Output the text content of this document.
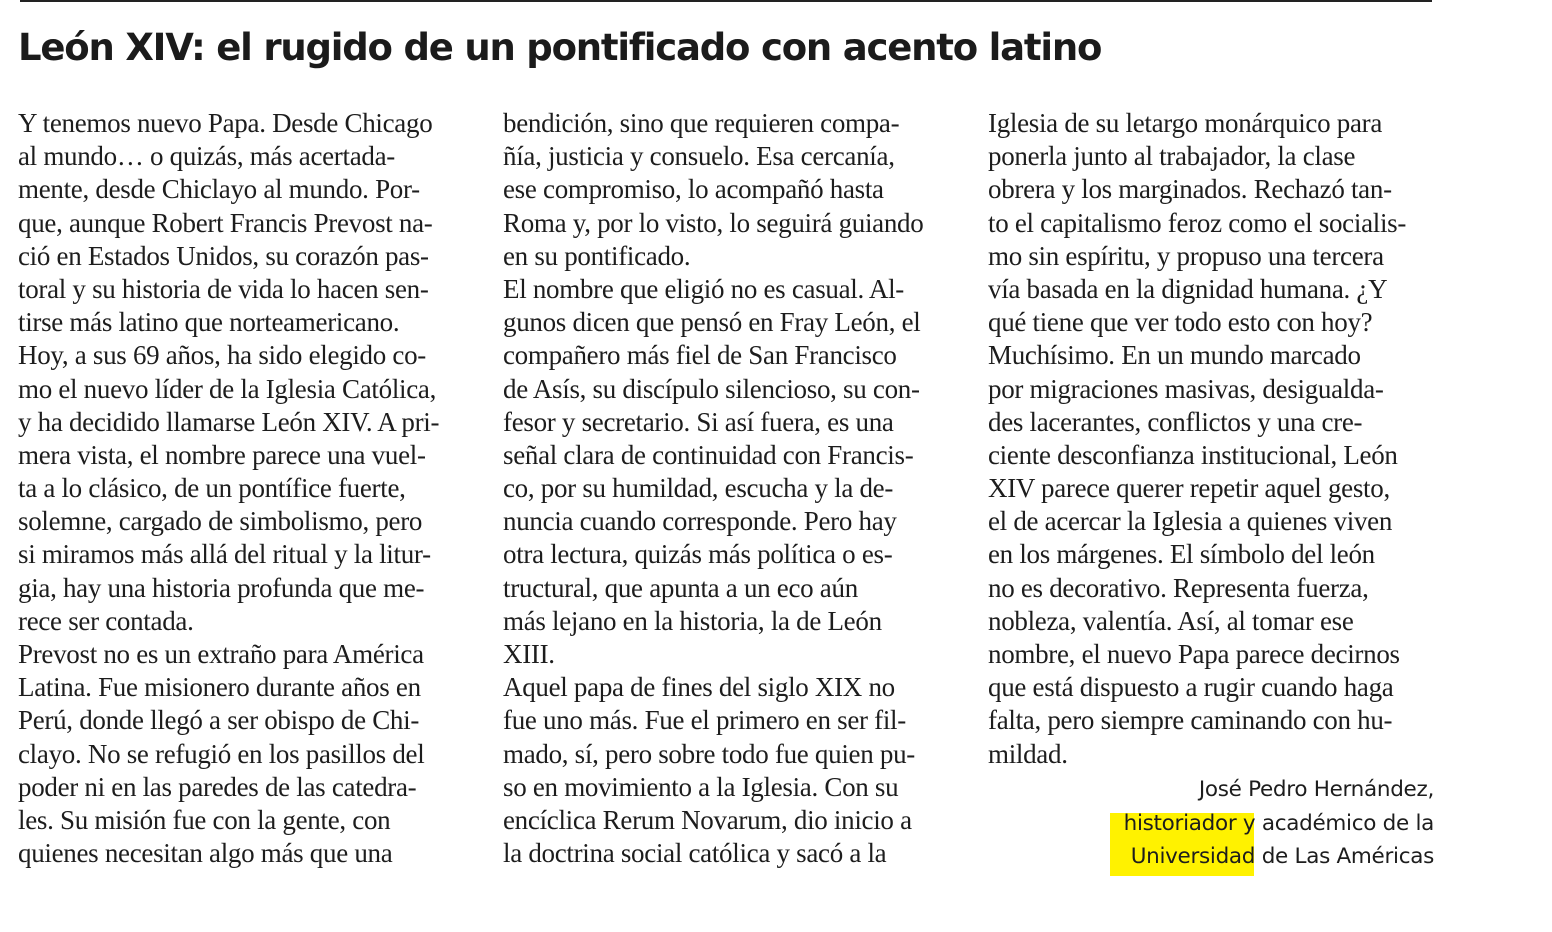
León XIV: el rugido de un pontificado con acento latino
Y tenemos nuevo Papa. Desde Chicago
al mundo… o quizás, más acertada-
mente, desde Chiclayo al mundo. Por-
que, aunque Robert Francis Prevost na-
ció en Estados Unidos, su corazón pas-
toral y su historia de vida lo hacen sen-
tirse más latino que norteamericano.
Hoy, a sus 69 años, ha sido elegido co-
mo el nuevo líder de la Iglesia Católica,
y ha decidido llamarse León XIV. A pri-
mera vista, el nombre parece una vuel-
ta a lo clásico, de un pontífice fuerte,
solemne, cargado de simbolismo, pero
si miramos más allá del ritual y la litur-
gia, hay una historia profunda que me-
rece ser contada.
Prevost no es un extraño para América
Latina. Fue misionero durante años en
Perú, donde llegó a ser obispo de Chi-
clayo. No se refugió en los pasillos del
poder ni en las paredes de las catedra-
les. Su misión fue con la gente, con
quienes necesitan algo más que una
bendición, sino que requieren compa-
ñía, justicia y consuelo. Esa cercanía,
ese compromiso, lo acompañó hasta
Roma y, por lo visto, lo seguirá guiando
en su pontificado.
El nombre que eligió no es casual. Al-
gunos dicen que pensó en Fray León, el
compañero más fiel de San Francisco
de Asís, su discípulo silencioso, su con-
fesor y secretario. Si así fuera, es una
señal clara de continuidad con Francis-
co, por su humildad, escucha y la de-
nuncia cuando corresponde. Pero hay
otra lectura, quizás más política o es-
tructural, que apunta a un eco aún
más lejano en la historia, la de León
XIII.
Aquel papa de fines del siglo XIX no
fue uno más. Fue el primero en ser fil-
mado, sí, pero sobre todo fue quien pu-
so en movimiento a la Iglesia. Con su
encíclica Rerum Novarum, dio inicio a
la doctrina social católica y sacó a la
Iglesia de su letargo monárquico para
ponerla junto al trabajador, la clase
obrera y los marginados. Rechazó tan-
to el capitalismo feroz como el socialis-
mo sin espíritu, y propuso una tercera
vía basada en la dignidad humana. ¿Y
qué tiene que ver todo esto con hoy?
Muchísimo. En un mundo marcado
por migraciones masivas, desigualda-
des lacerantes, conflictos y una cre-
ciente desconfianza institucional, León
XIV parece querer repetir aquel gesto,
el de acercar la Iglesia a quienes viven
en los márgenes. El símbolo del león
no es decorativo. Representa fuerza,
nobleza, valentía. Así, al tomar ese
nombre, el nuevo Papa parece decirnos
que está dispuesto a rugir cuando haga
falta, pero siempre caminando con hu-
mildad.
José Pedro Hernández,
historiador y académico de la
Universidad de Las Américas
